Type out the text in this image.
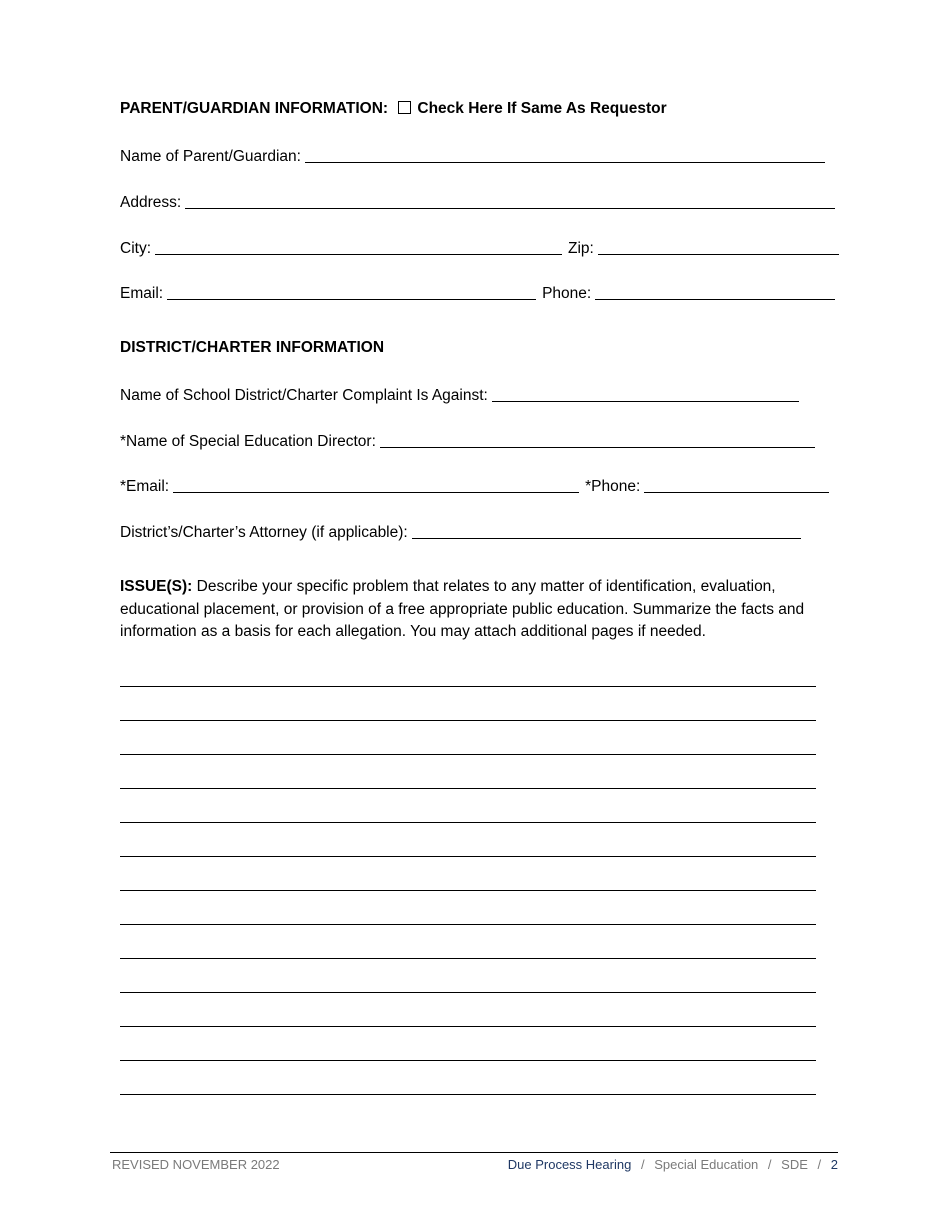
PARENT/GUARDIAN INFORMATION: Check Here If Same As Requestor
Name of Parent/Guardian:
Address:
City:	Zip:
Email:	Phone:
DISTRICT/CHARTER INFORMATION
Name of School District/Charter Complaint Is Against:
*Name of Special Education Director:
*Email:	*Phone:
District’s/Charter’s Attorney (if applicable):
ISSUE(S): Describe your specific problem that relates to any matter of identification, evaluation, educational placement, or provision of a free appropriate public education. Summarize the facts and information as a basis for each allegation. You may attach additional pages if needed.
REVISED NOVEMBER 2022	Due Process Hearing / Special Education / SDE / 2
